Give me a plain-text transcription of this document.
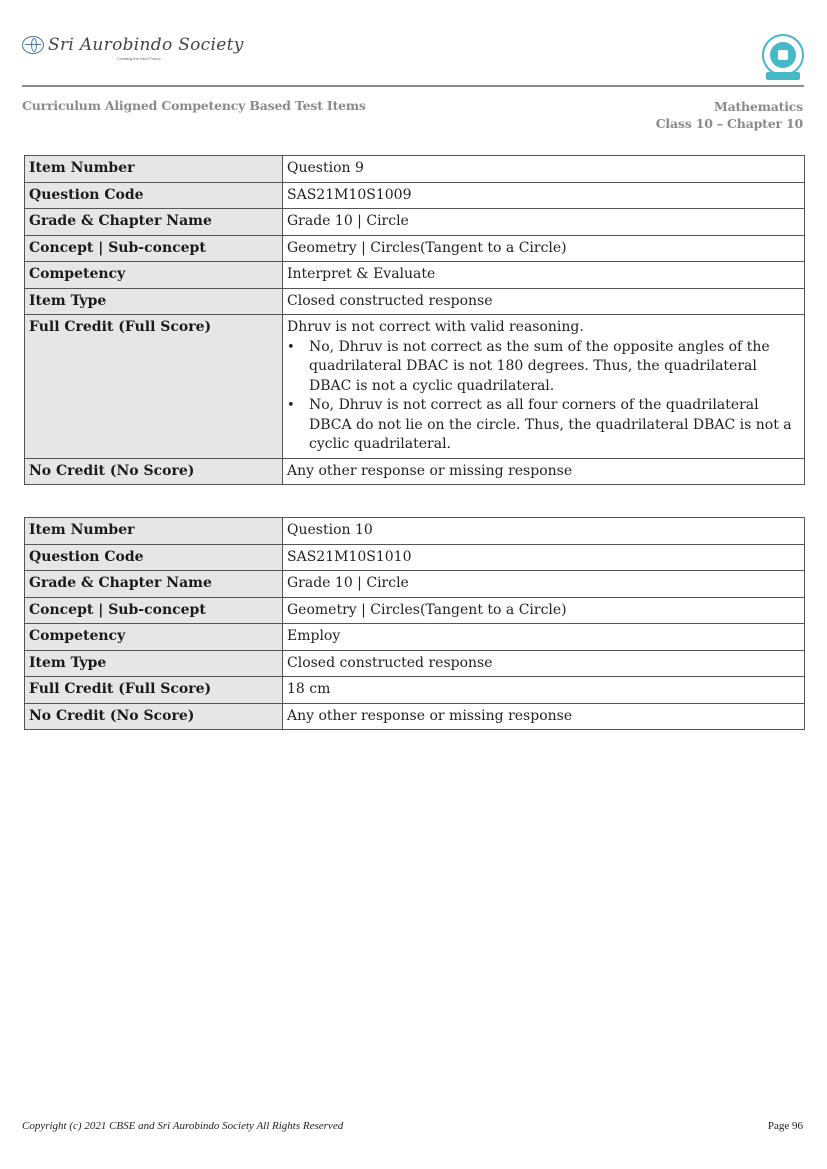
Sri Aurobindo Society
Creating the Next Future
Curriculum Aligned Competency Based Test Items	Mathematics
Class 10 – Chapter 10
Item Number	Question 9
Question Code	SAS21M10S1009
Grade & Chapter Name	Grade 10 | Circle
Concept | Sub-concept	Geometry | Circles(Tangent to a Circle)
Competency	Interpret & Evaluate
Item Type	Closed constructed response
Full Credit (Full Score)	Dhruv is not correct with valid reasoning.
• No, Dhruv is not correct as the sum of the opposite angles of the quadrilateral DBAC is not 180 degrees. Thus, the quadrilateral DBAC is not a cyclic quadrilateral.
• No, Dhruv is not correct as all four corners of the quadrilateral DBCA do not lie on the circle. Thus, the quadrilateral DBAC is not a cyclic quadrilateral.

No Credit (No Score)	Any other response or missing response
Item Number	Question 10
Question Code	SAS21M10S1010
Grade & Chapter Name	Grade 10 | Circle
Concept | Sub-concept	Geometry | Circles(Tangent to a Circle)
Competency	Employ
Item Type	Closed constructed response
Full Credit (Full Score)	18 cm
No Credit (No Score)	Any other response or missing response
Copyright (c) 2021 CBSE and Sri Aurobindo Society All Rights Reserved	Page 96
